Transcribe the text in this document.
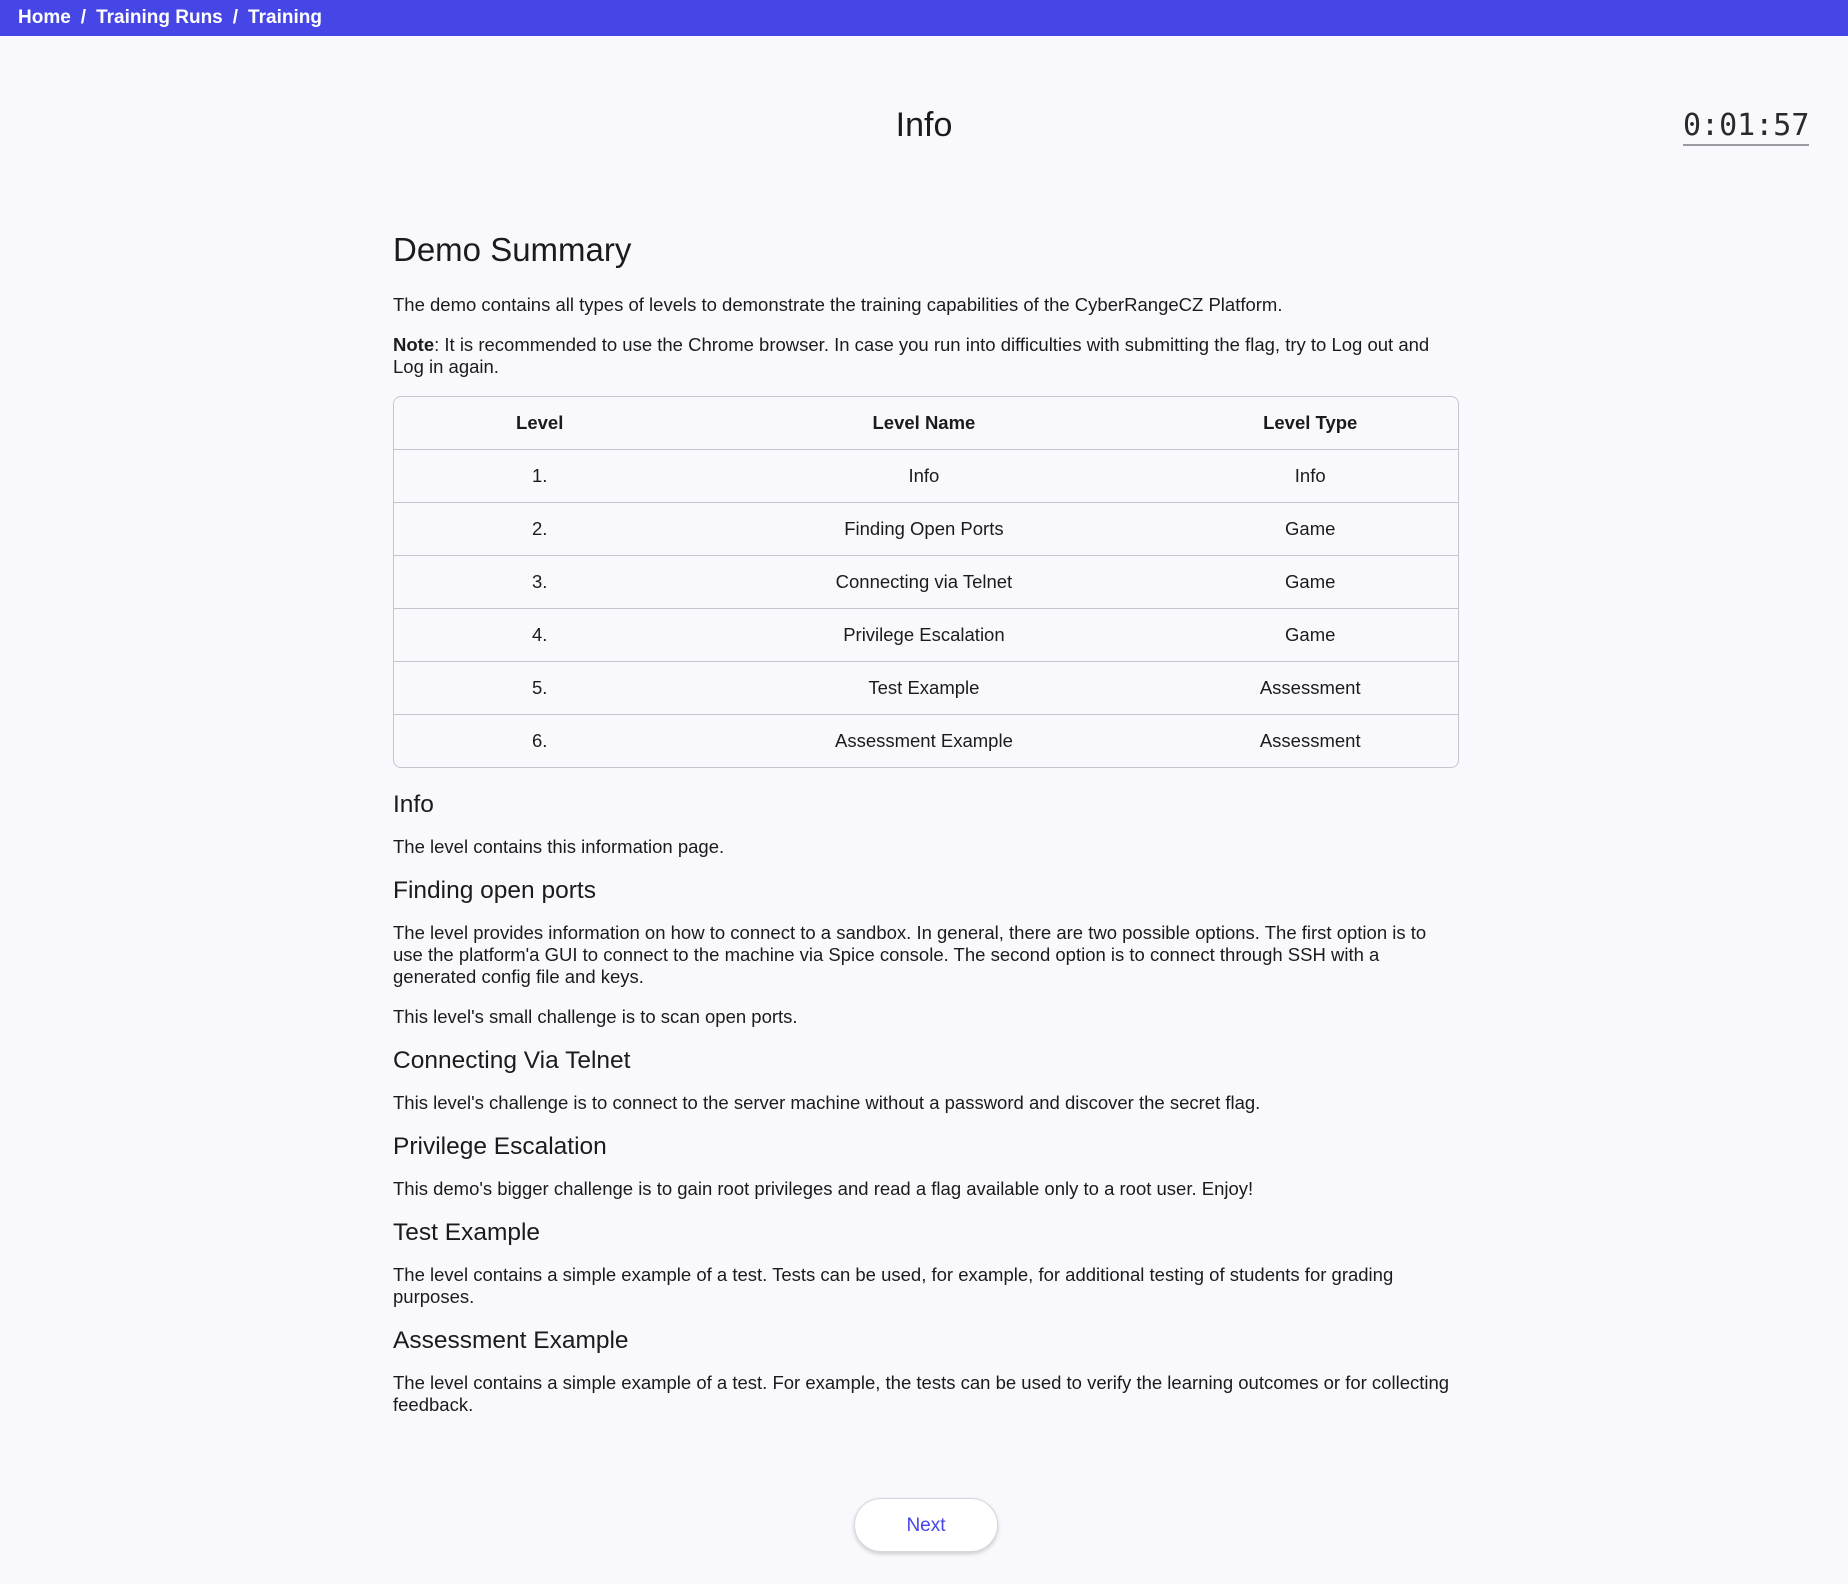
Home / Training Runs / Training
Info	0:01:57
Demo Summary

The demo contains all types of levels to demonstrate the training capabilities of the CyberRangeCZ Platform.

Note: It is recommended to use the Chrome browser. In case you run into difficulties with submitting the flag, try to Log out and Log in again.

Level	Level Name	Level Type
1.	Info	Info
2.	Finding Open Ports	Game
3.	Connecting via Telnet	Game
4.	Privilege Escalation	Game
5.	Test Example	Assessment
6.	Assessment Example	Assessment
Info

The level contains this information page.

Finding open ports

The level provides information on how to connect to a sandbox. In general, there are two possible options. The first option is to use the platform'a GUI to connect to the machine via Spice console. The second option is to connect through SSH with a generated config file and keys.

This level's small challenge is to scan open ports.

Connecting Via Telnet

This level's challenge is to connect to the server machine without a password and discover the secret flag.

Privilege Escalation

This demo's bigger challenge is to gain root privileges and read a flag available only to a root user. Enjoy!

Test Example

The level contains a simple example of a test. Tests can be used, for example, for additional testing of students for grading purposes.

Assessment Example

The level contains a simple example of a test. For example, the tests can be used to verify the learning outcomes or for collecting feedback.

Next
